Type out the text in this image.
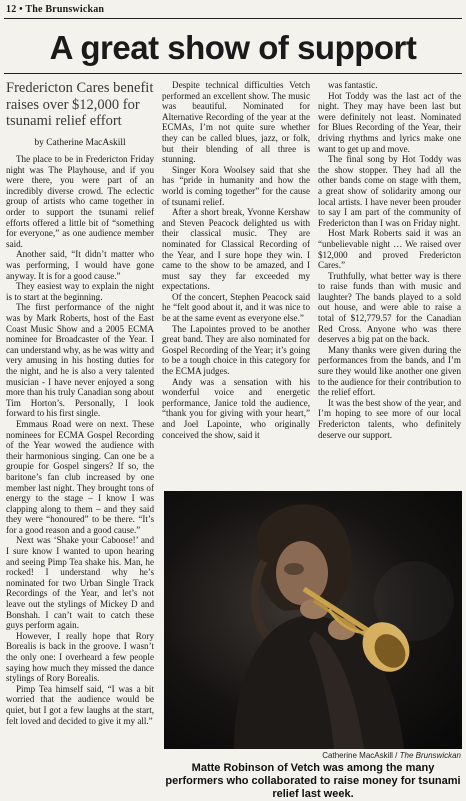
12 • The Brunswickan
A great show of support
Fredericton Cares benefit raises over $12,000 for tsunami relief effort
by Catherine MacAskill

The place to be in Fredericton Friday night was The Playhouse, and if you were there, you were part of an incredibly diverse crowd. The eclectic group of artists who came together in order to support the tsunami relief efforts offered a little bit of “something for everyone,” as one audience member said.

Another said, “It didn’t matter who was performing, I would have gone anyway. It is for a good cause.”

They easiest way to explain the night is to start at the beginning.

The first performance of the night was by Mark Roberts, host of the East Coast Music Show and a 2005 ECMA nominee for Broadcaster of the Year. I can understand why, as he was witty and very amusing in his hosting duties for the night, and he is also a very talented musician - I have never enjoyed a song more than his truly Canadian song about Tim Horton’s. Personally, I look forward to his first single.

Emmaus Road were on next. These nominees for ECMA Gospel Recording of the Year wowed the audience with their harmonious singing. Can one be a groupie for Gospel singers? If so, the baritone’s fan club increased by one member last night. They brought tons of energy to the stage – I know I was clapping along to them – and they said they were “honoured” to be there. “It’s for a good reason and a good cause.”

Next was ‘Shake your Caboose!’ and I sure know I wanted to upon hearing and seeing Pimp Tea shake his. Man, he rocked! I understand why he’s nominated for two Urban Single Track Recordings of the Year, and let’s not leave out the stylings of Mickey D and Bonshah. I can’t wait to catch these guys perform again.

However, I really hope that Rory Borealis is back in the groove. I wasn’t the only one: I overheard a few people saying how much they missed the dance stylings of Rory Borealis.

Pimp Tea himself said, “I was a bit worried that the audience would be quiet, but I got a few laughs at the start, felt loved and decided to give it my all.”

Despite technical difficulties Vetch performed an excellent show. The music was beautiful. Nominated for Alternative Recording of the year at the ECMAs, I’m not quite sure whether they can be called blues, jazz, or folk, but their blending of all three is stunning.

Singer Kora Woolsey said that she has “pride in humanity and how the world is coming together” for the cause of tsunami relief.

After a short break, Yvonne Kershaw and Steven Peacock delighted us with their classical music. They are nominated for Classical Recording of the Year, and I sure hope they win. I came to the show to be amazed, and I must say they far exceeded my expectations.

Of the concert, Stephen Peacock said he “felt good about it, and it was nice to be at the same event as everyone else.”

The Lapointes proved to be another great band. They are also nominated for Gospel Recording of the Year; it’s going to be a tough choice in this category for the ECMA judges.

Andy was a sensation with his wonderful voice and energetic performance, Janice told the audience, “thank you for giving with your heart,” and Joel Lapointe, who originally conceived the show, said it

was fantastic.

Hot Toddy was the last act of the night. They may have been last but were definitely not least. Nominated for Blues Recording of the Year, their driving rhythms and lyrics make one want to get up and move.

The final song by Hot Toddy was the show stopper. They had all the other bands come on stage with them, a great show of solidarity among our local artists. I have never been prouder to say I am part of the community of Fredericton than I was on Friday night.

Host Mark Roberts said it was an “unbelievable night … We raised over $12,000 and proved Fredericton Cares.”

Truthfully, what better way is there to raise funds than with music and laughter? The bands played to a sold out house, and were able to raise a total of $12,779.57 for the Canadian Red Cross. Anyone who was there deserves a big pat on the back.

Many thanks were given during the performances from the bands, and I’m sure they would like another one given to the audience for their contribution to the relief effort.

It was the best show of the year, and I’m hoping to see more of our local Fredericton talents, who definitely deserve our support.

Catherine MacAskill / The Brunswickan
Matte Robinson of Vetch was among the many performers who collaborated to raise money for tsunami relief last week.
